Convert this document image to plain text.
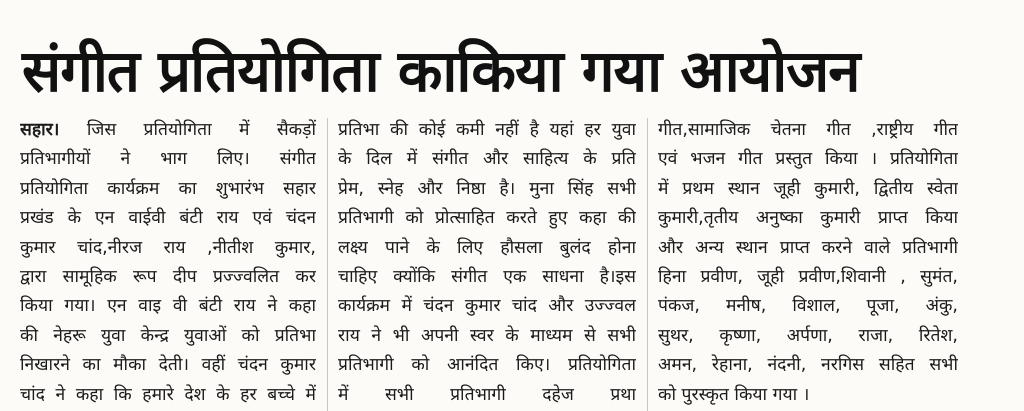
संगीत प्रतियोगिता काकिया गया आयोजन
सहार। जिस प्रतियोगिता में सैकड़ों
प्रतिभागीयों ने भाग लिए। संगीत
प्रतियोगिता कार्यक्रम का शुभारंभ सहार
प्रखंड के एन वाईवी बंटी राय एवं चंदन
कुमार चांद,नीरज राय ,नीतीश कुमार,
द्वारा सामूहिक रूप दीप प्रज्ज्वलित कर
किया गया। एन वाइ वी बंटी राय ने कहा
की नेहरू युवा केन्द्र युवाओं को प्रतिभा
निखारने का मौका देती। वहीं चंदन कुमार
चांद ने कहा कि हमारे देश के हर बच्चे में
प्रतिभा की कोई कमी नहीं है यहां हर युवा
के दिल में संगीत और साहित्य के प्रति
प्रेम, स्नेह और निष्ठा है। मुना सिंह सभी
प्रतिभागी को प्रोत्साहित करते हुए कहा की
लक्ष्य पाने के लिए हौसला बुलंद होना
चाहिए क्योंकि संगीत एक साधना है।इस
कार्यक्रम में चंदन कुमार चांद और उज्ज्वल
राय ने भी अपनी स्वर के माध्यम से सभी
प्रतिभागी को आनंदित किए। प्रतियोगिता
में सभी प्रतिभागी दहेज प्रथा
गीत,सामाजिक चेतना गीत ,राष्ट्रीय गीत
एवं भजन गीत प्रस्तुत किया । प्रतियोगिता
में प्रथम स्थान जूही कुमारी, द्वितीय स्वेता
कुमारी,तृतीय अनुष्का कुमारी प्राप्त किया
और अन्य स्थान प्राप्त करने वाले प्रतिभागी
हिना प्रवीण, जूही प्रवीण,शिवानी , सुमंत,
पंकज, मनीष, विशाल, पूजा, अंकु,
सुथर, कृष्णा, अर्पणा, राजा, रितेश,
अमन, रेहाना, नंदनी, नरगिस सहित सभी
को पुरस्कृत किया गया ।
